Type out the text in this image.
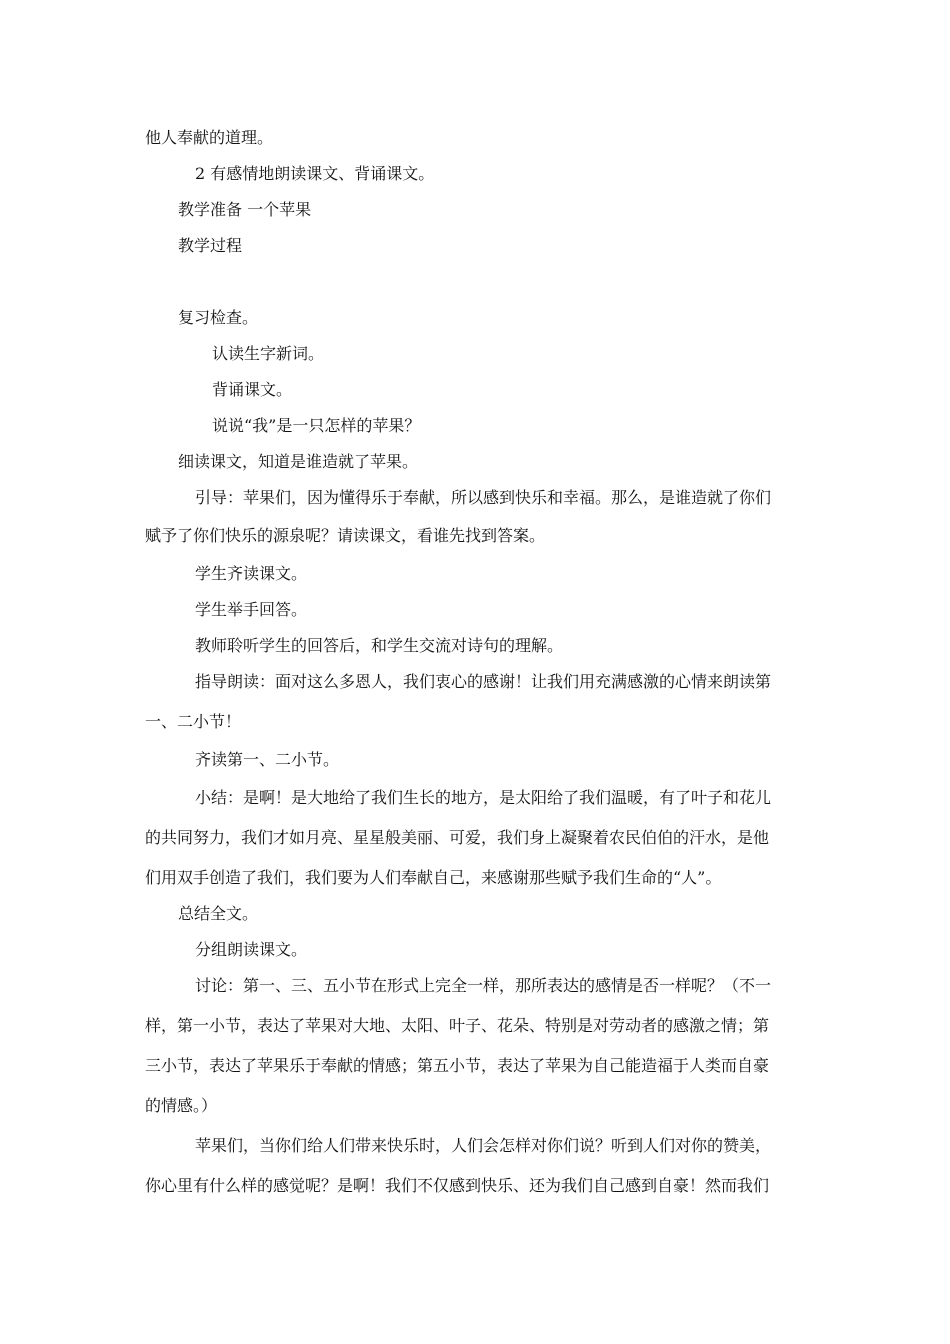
他人奉献的道理。
2 有感情地朗读课文、背诵课文。
教学准备 一个苹果
教学过程
复习检查。
认读生字新词。
背诵课文。
说说“我”是一只怎样的苹果？
细读课文，知道是谁造就了苹果。
引导：苹果们，因为懂得乐于奉献，所以感到快乐和幸福。那么，是谁造就了你们
赋予了你们快乐的源泉呢？请读课文，看谁先找到答案。
学生齐读课文。
学生举手回答。
教师聆听学生的回答后，和学生交流对诗句的理解。
指导朗读：面对这么多恩人，我们衷心的感谢！让我们用充满感激的心情来朗读第
一、二小节！
齐读第一、二小节。
小结：是啊！是大地给了我们生长的地方，是太阳给了我们温暖，有了叶子和花儿
的共同努力，我们才如月亮、星星般美丽、可爱，我们身上凝聚着农民伯伯的汗水，是他
们用双手创造了我们，我们要为人们奉献自己，来感谢那些赋予我们生命的“人”。
总结全文。
分组朗读课文。
讨论：第一、三、五小节在形式上完全一样，那所表达的感情是否一样呢？（不一
样，第一小节，表达了苹果对大地、太阳、叶子、花朵、特别是对劳动者的感激之情；第
三小节，表达了苹果乐于奉献的情感；第五小节，表达了苹果为自己能造福于人类而自豪
的情感。）
苹果们，当你们给人们带来快乐时，人们会怎样对你们说？听到人们对你的赞美，
你心里有什么样的感觉呢？是啊！我们不仅感到快乐、还为我们自己感到自豪！然而我们
